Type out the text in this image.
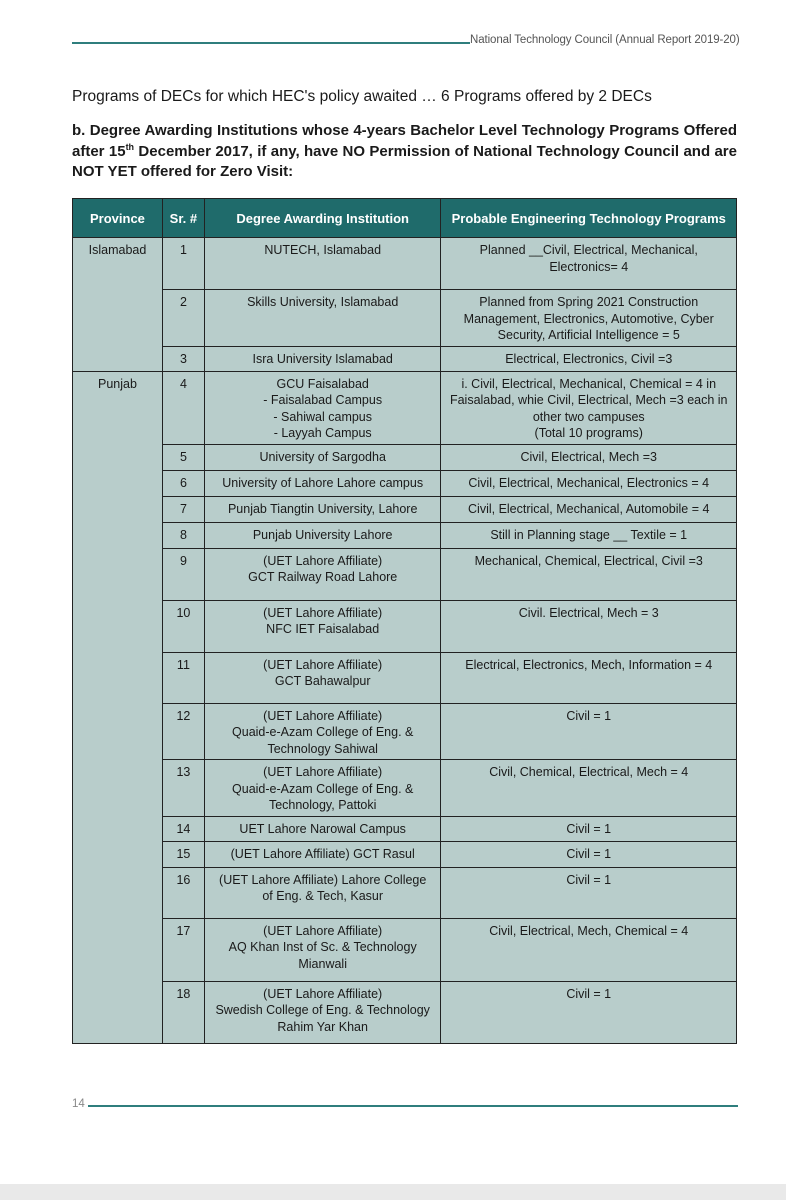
National Technology Council (Annual Report 2019-20)
Programs of DECs for which HEC's policy awaited … 6 Programs offered by 2 DECs
b. Degree Awarding Institutions whose 4-years Bachelor Level Technology Programs Offered after 15th December 2017, if any, have NO Permission of National Technology Council and are NOT YET offered for Zero Visit:
Province	Sr. #	Degree Awarding Institution	Probable Engineering Technology Programs
Islamabad	1	NUTECH, Islamabad	Planned __Civil, Electrical, Mechanical, Electronics= 4
	2	Skills University, Islamabad	Planned from Spring 2021 Construction Management, Electronics, Automotive, Cyber Security, Artificial Intelligence = 5
	3	Isra University Islamabad	Electrical, Electronics, Civil =3
Punjab	4	GCU Faisalabad
- Faisalabad Campus
- Sahiwal campus
- Layyah Campus	i. Civil, Electrical, Mechanical, Chemical = 4 in Faisalabad, whie Civil, Electrical, Mech =3 each in other two campuses
(Total 10 programs)
	5	University of Sargodha	Civil, Electrical, Mech =3
	6	University of Lahore Lahore campus	Civil, Electrical, Mechanical, Electronics = 4
	7	Punjab Tiangtin University, Lahore	Civil, Electrical, Mechanical, Automobile = 4
	8	Punjab University Lahore	Still in Planning stage __ Textile = 1
	9	(UET Lahore Affiliate)
GCT Railway Road Lahore	Mechanical, Chemical, Electrical, Civil =3
	10	(UET Lahore Affiliate)
NFC IET Faisalabad	Civil. Electrical, Mech = 3
	11	(UET Lahore Affiliate)
GCT Bahawalpur	Electrical, Electronics, Mech, Information = 4
	12	(UET Lahore Affiliate)
Quaid-e-Azam College of Eng. &
Technology Sahiwal	Civil = 1
	13	(UET Lahore Affiliate)
Quaid-e-Azam College of Eng. &
Technology, Pattoki	Civil, Chemical, Electrical, Mech = 4
	14	UET Lahore Narowal Campus	Civil = 1
	15	(UET Lahore Affiliate) GCT Rasul	Civil = 1
	16	(UET Lahore Affiliate) Lahore College
of Eng. & Tech, Kasur	Civil = 1
	17	(UET Lahore Affiliate)
AQ Khan Inst of Sc. & Technology
Mianwali	Civil, Electrical, Mech, Chemical = 4
	18	(UET Lahore Affiliate)
Swedish College of Eng. & Technology
Rahim Yar Khan	Civil = 1
14
